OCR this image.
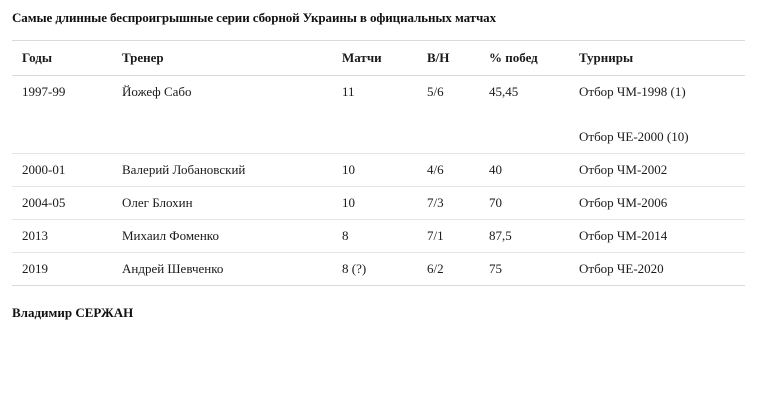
Самые длинные беспроигрышные серии сборной Украины в официальных матчах
Годы	Тренер	Матчи	В/Н	% побед	Турниры
1997-99	Йожеф Сабо	11	5/6	45,45	Отбор ЧМ-1998 (1)
Отбор ЧЕ-2000 (10)

2000-01	Валерий Лобановский	10	4/6	40	Отбор ЧМ-2002

2004-05	Олег Блохин	10	7/3	70	Отбор ЧМ-2006

2013	Михаил Фоменко	8	7/1	87,5	Отбор ЧМ-2014

2019	Андрей Шевченко	8 (?)	6/2	75	Отбор ЧЕ-2020
Владимир СЕРЖАН
